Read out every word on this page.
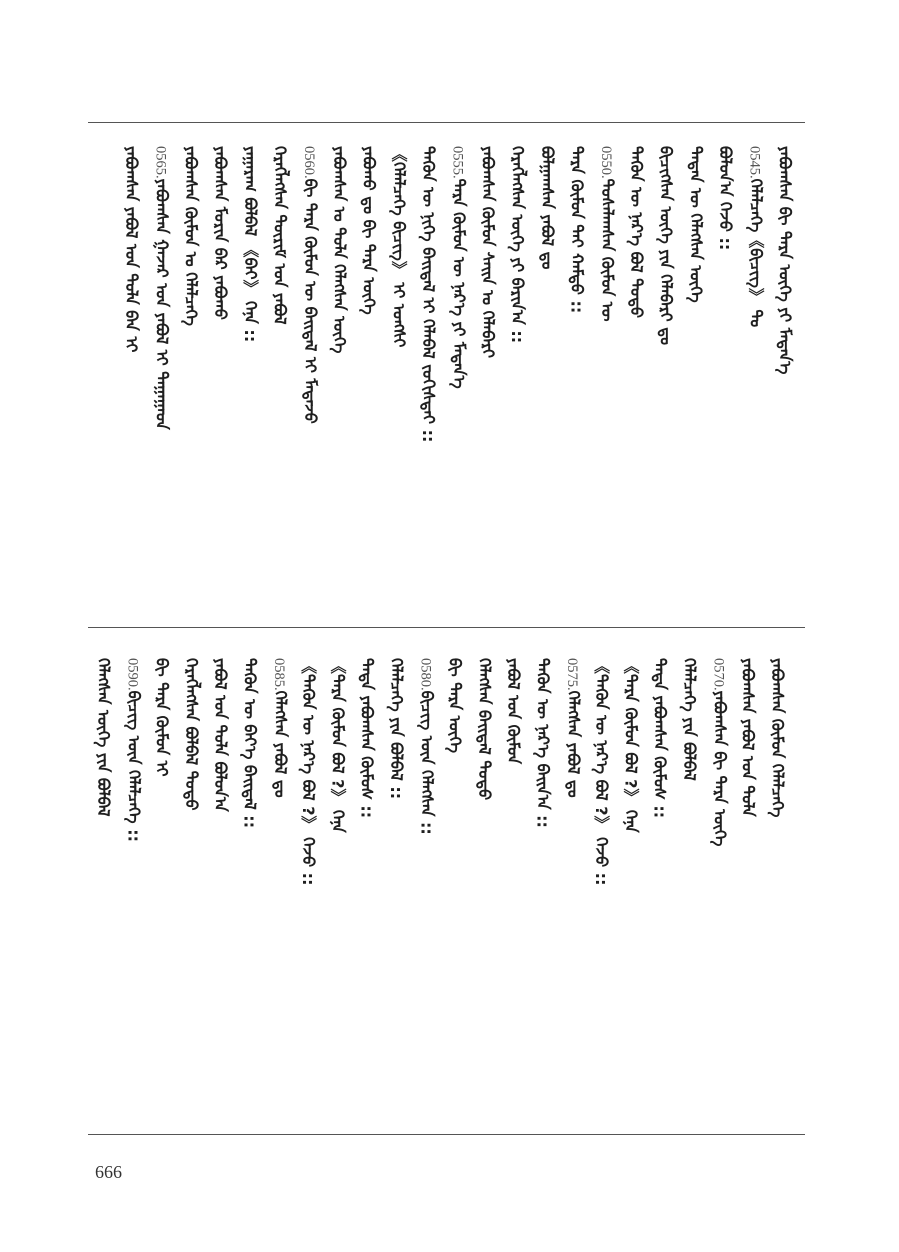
ᠶᠠᠪᠤᠭᠰᠠᠨ ᠶᠠᠪᠤᠯ ᠤᠨ ᠲᠤᠯᠠ ᠪᠠᠨ ᠢ 0565.ᠶᠠᠪᠤᠭᠰᠠᠨ ᠭᠠᠵᠠᠷ ᠤᠨ ᠶᠠᠪᠤᠯ ᠢ ᠳᠠᠭᠠᠭᠠᠳ ᠶᠠᠪᠤᠭᠰᠠᠨ ᠬᠦᠮᠦᠨ ᠤ ᠬᠡᠯᠡᠯᠴᠡᠭᠡ ᠶᠠᠪᠤᠭᠰᠠᠨ ᠮᠣᠷᠢᠨ ᠪᠠᠷ ᠶᠠᠪᠤᠬᠤ ᠶᠠᠭᠠᠷᠠᠭ ᠪᠣᠯᠪᠠᠯ 《ᠪᠠᠢ》 ᠭᠡᠨᠡ :: ᠬᠡᠷᠡᠭᠯᠡᠭᠰᠡᠨ ᠳᠦᠷᠢᠮ ᠤᠨ ᠶᠠᠪᠤᠯ 0560.ᠪᠢ ᠲᠡᠷᠡ ᠬᠦᠮᠦᠨ ᠦ ᠪᠠᠢᠳᠠᠯ ᠢ ᠮᠡᠳᠡᠵᠦ ᠶᠠᠪᠤᠭᠰᠠᠨ ᠤ ᠲᠤᠯᠠ ᠬᠡᠯᠡᠭᠰᠡᠨ ᠦᠭᠡ ᠶᠠᠪᠤᠬᠤ ᠳᠤ ᠪᠢ ᠲᠡᠷᠡ ᠦᠭᠡ 《ᠬᠡᠯᠡᠯᠴᠡᠭᠡ ᠪᠢᠴᠢᠭ》 ᠢ ᠤᠩᠰᠢ ᠲᠡᠭᠦᠨ ᠦ ᠨᠢᠭᠡ ᠪᠠᠢᠳᠠᠯ ᠢ ᠬᠡᠯᠡᠪᠡᠯ ᠵᠣᠬᠢᠰᠲᠠᠢ :: 0555.ᠲᠡᠷᠡ ᠬᠦᠮᠦᠨ ᠦ ᠨᠡᠷ᠎ᠡ ᠶᠢ ᠮᠡᠳᠡᠨ᠎ᠡ ᠶᠠᠪᠤᠭᠰᠠᠨ ᠬᠦᠮᠦᠨ ᠰᠠᠢᠨ ᠤ ᠬᠡᠯᠡᠪᠡᠷᠢ ᠬᠡᠷᠡᠭᠯᠡᠭᠰᠡᠨ ᠦᠭᠡ ᠶᠢ ᠪᠠᠷᠢᠨ᠎ᠠ :: ᠪᠣᠯᠭᠠᠭᠰᠠᠨ ᠶᠠᠪᠤᠯ ᠳᠤ ᠲᠡᠷᠡ ᠬᠦᠮᠦᠨ ᠲᠠᠢ ᠬᠠᠮᠲᠤ :: 0550.ᠲᠤᠰᠠᠯᠠᠭᠰᠠᠨ ᠬᠦᠮᠦᠨ ᠦ ᠲᠡᠭᠦᠨ ᠦ ᠨᠡᠷ᠎ᠡ ᠪᠤᠯ ᠲᠣᠳᠣ ᠪᠢᠴᠢᠭᠰᠡᠨ ᠦᠭᠡ ᠶᠢᠨ ᠬᠡᠯᠡᠪᠡᠷᠢ ᠳᠤ ᠲᠡᠳᠡᠨ ᠦ ᠬᠡᠯᠡᠭᠰᠡᠨ ᠦᠭᠡ ᠪᠣᠯᠤᠨ᠎ᠠ ᠭᠡᠵᠦ :: 0545.ᠬᠡᠯᠡᠯᠴᠡᠭᠡ《ᠪᠢᠴᠢᠭ》 ᠲᠤ ᠶᠠᠪᠤᠭᠰᠠᠨ ᠪᠢ ᠲᠡᠷᠡ ᠦᠭᠡ ᠶᠢ ᠮᠡᠳᠡᠨ᠎ᠡ
ᠬᠡᠯᠡᠭᠰᠡᠨ ᠦᠭᠡ ᠶᠢᠨ ᠪᠣᠯᠪᠠᠯ 0590.ᠪᠢᠴᠢᠭ ᠦᠨ ᠬᠡᠯᠡᠯᠴᠡᠭᠡ :: ᠪᠢ ᠲᠡᠷᠡ ᠬᠦᠮᠦᠨ ᠢ ᠬᠡᠷᠡᠭᠯᠡᠭᠰᠡᠨ ᠪᠣᠯᠪᠠᠯ ᠲᠣᠳᠣ ᠶᠠᠪᠤᠯ ᠤᠨ ᠲᠤᠯᠠ ᠪᠣᠯᠤᠨ᠎ᠠ ᠲᠡᠭᠦᠨ ᠦ ᠪᠡᠶ᠎ᠡ ᠪᠠᠢᠳᠠᠯ :: 0585.ᠬᠡᠯᠡᠭᠰᠡᠨ ᠶᠠᠪᠤᠯ ᠳᠤ 《ᠲᠡᠭᠦᠨ ᠦ ᠨᠡᠷ᠎ᠡ ᠪᠣᠯ ?》 ᠭᠡᠵᠦ :: 《ᠲᠡᠷᠡ ᠬᠦᠮᠦᠨ ᠪᠣᠯ ?》 ᠭᠡᠨᠡ ᠲᠡᠳᠡ ᠶᠠᠪᠤᠭᠰᠠᠨ ᠬᠦᠮᠦᠰ :: ᠬᠡᠯᠡᠯᠴᠡᠭᠡ ᠶᠢᠨ ᠪᠣᠯᠪᠠᠯ :: 0580.ᠪᠢᠴᠢᠭ ᠦᠨ ᠬᠡᠯᠡᠭᠰᠡᠨ :: ᠪᠢ ᠲᠡᠷᠡ ᠦᠭᠡ ᠬᠡᠯᠡᠭᠰᠡᠨ ᠪᠠᠢᠳᠠᠯ ᠲᠣᠳᠣ ᠶᠠᠪᠤᠯ ᠤᠨ ᠬᠦᠮᠦᠨ ᠲᠡᠭᠦᠨ ᠦ ᠨᠡᠷ᠎ᠡ ᠪᠠᠢᠨ᠎ᠠ :: 0575.ᠬᠡᠯᠡᠭᠰᠡᠨ ᠶᠠᠪᠤᠯ ᠳᠤ 《ᠲᠡᠭᠦᠨ ᠦ ᠨᠡᠷ᠎ᠡ ᠪᠣᠯ ?》 ᠭᠡᠵᠦ :: 《ᠲᠡᠷᠡ ᠬᠦᠮᠦᠨ ᠪᠣᠯ ?》 ᠭᠡᠨᠡ ᠲᠡᠳᠡ ᠶᠠᠪᠤᠭᠰᠠᠨ ᠬᠦᠮᠦᠰ :: ᠬᠡᠯᠡᠯᠴᠡᠭᠡ ᠶᠢᠨ ᠪᠣᠯᠪᠠᠯ 0570.ᠶᠠᠪᠤᠭᠰᠠᠨ ᠪᠢ ᠲᠡᠷᠡ ᠦᠭᠡ ᠶᠠᠪᠤᠭᠰᠠᠨ ᠶᠠᠪᠤᠯ ᠤᠨ ᠲᠤᠯᠠ ᠶᠠᠪᠤᠭᠰᠠᠨ ᠬᠦᠮᠦᠨ ᠬᠡᠯᠡᠯᠴᠡᠭᠡ
666
